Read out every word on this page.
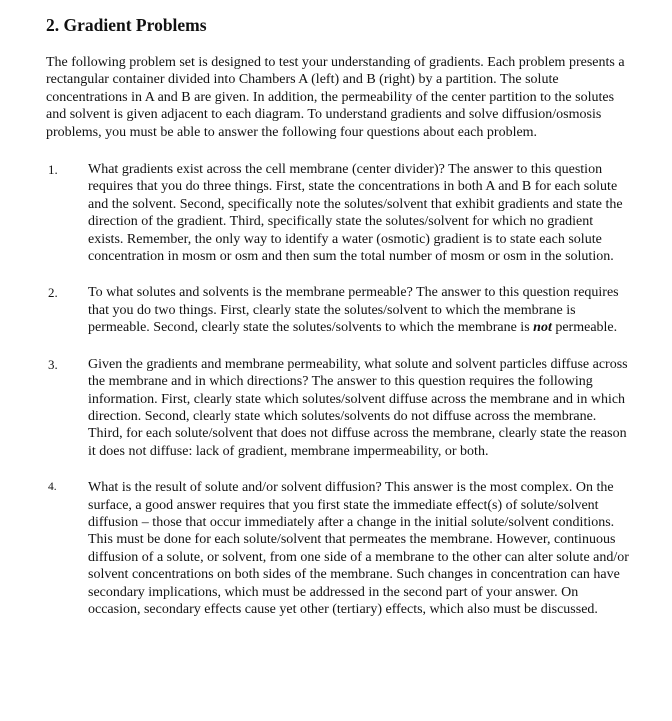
2. Gradient Problems
The following problem set is designed to test your understanding of gradients. Each problem presents a rectangular container divided into Chambers A (left) and B (right) by a partition. The solute concentrations in A and B are given. In addition, the permeability of the center partition to the solutes and solvent is given adjacent to each diagram. To understand gradients and solve diffusion/osmosis problems, you must be able to answer the following four questions about each problem.
1. What gradients exist across the cell membrane (center divider)? The answer to this question requires that you do three things. First, state the concentrations in both A and B for each solute and the solvent. Second, specifically note the solutes/solvent that exhibit gradients and state the direction of the gradient. Third, specifically state the solutes/solvent for which no gradient exists. Remember, the only way to identify a water (osmotic) gradient is to state each solute concentration in mosm or osm and then sum the total number of mosm or osm in the solution.
2. To what solutes and solvents is the membrane permeable? The answer to this question requires that you do two things. First, clearly state the solutes/solvent to which the membrane is permeable. Second, clearly state the solutes/solvents to which the membrane is not permeable.
3. Given the gradients and membrane permeability, what solute and solvent particles diffuse across the membrane and in which directions? The answer to this question requires the following information. First, clearly state which solutes/solvent diffuse across the membrane and in which direction. Second, clearly state which solutes/solvents do not diffuse across the membrane. Third, for each solute/solvent that does not diffuse across the membrane, clearly state the reason it does not diffuse: lack of gradient, membrane impermeability, or both.
4. What is the result of solute and/or solvent diffusion? This answer is the most complex. On the surface, a good answer requires that you first state the immediate effect(s) of solute/solvent diffusion – those that occur immediately after a change in the initial solute/solvent conditions. This must be done for each solute/solvent that permeates the membrane. However, continuous diffusion of a solute, or solvent, from one side of a membrane to the other can alter solute and/or solvent concentrations on both sides of the membrane. Such changes in concentration can have secondary implications, which must be addressed in the second part of your answer. On occasion, secondary effects cause yet other (tertiary) effects, which also must be discussed.
